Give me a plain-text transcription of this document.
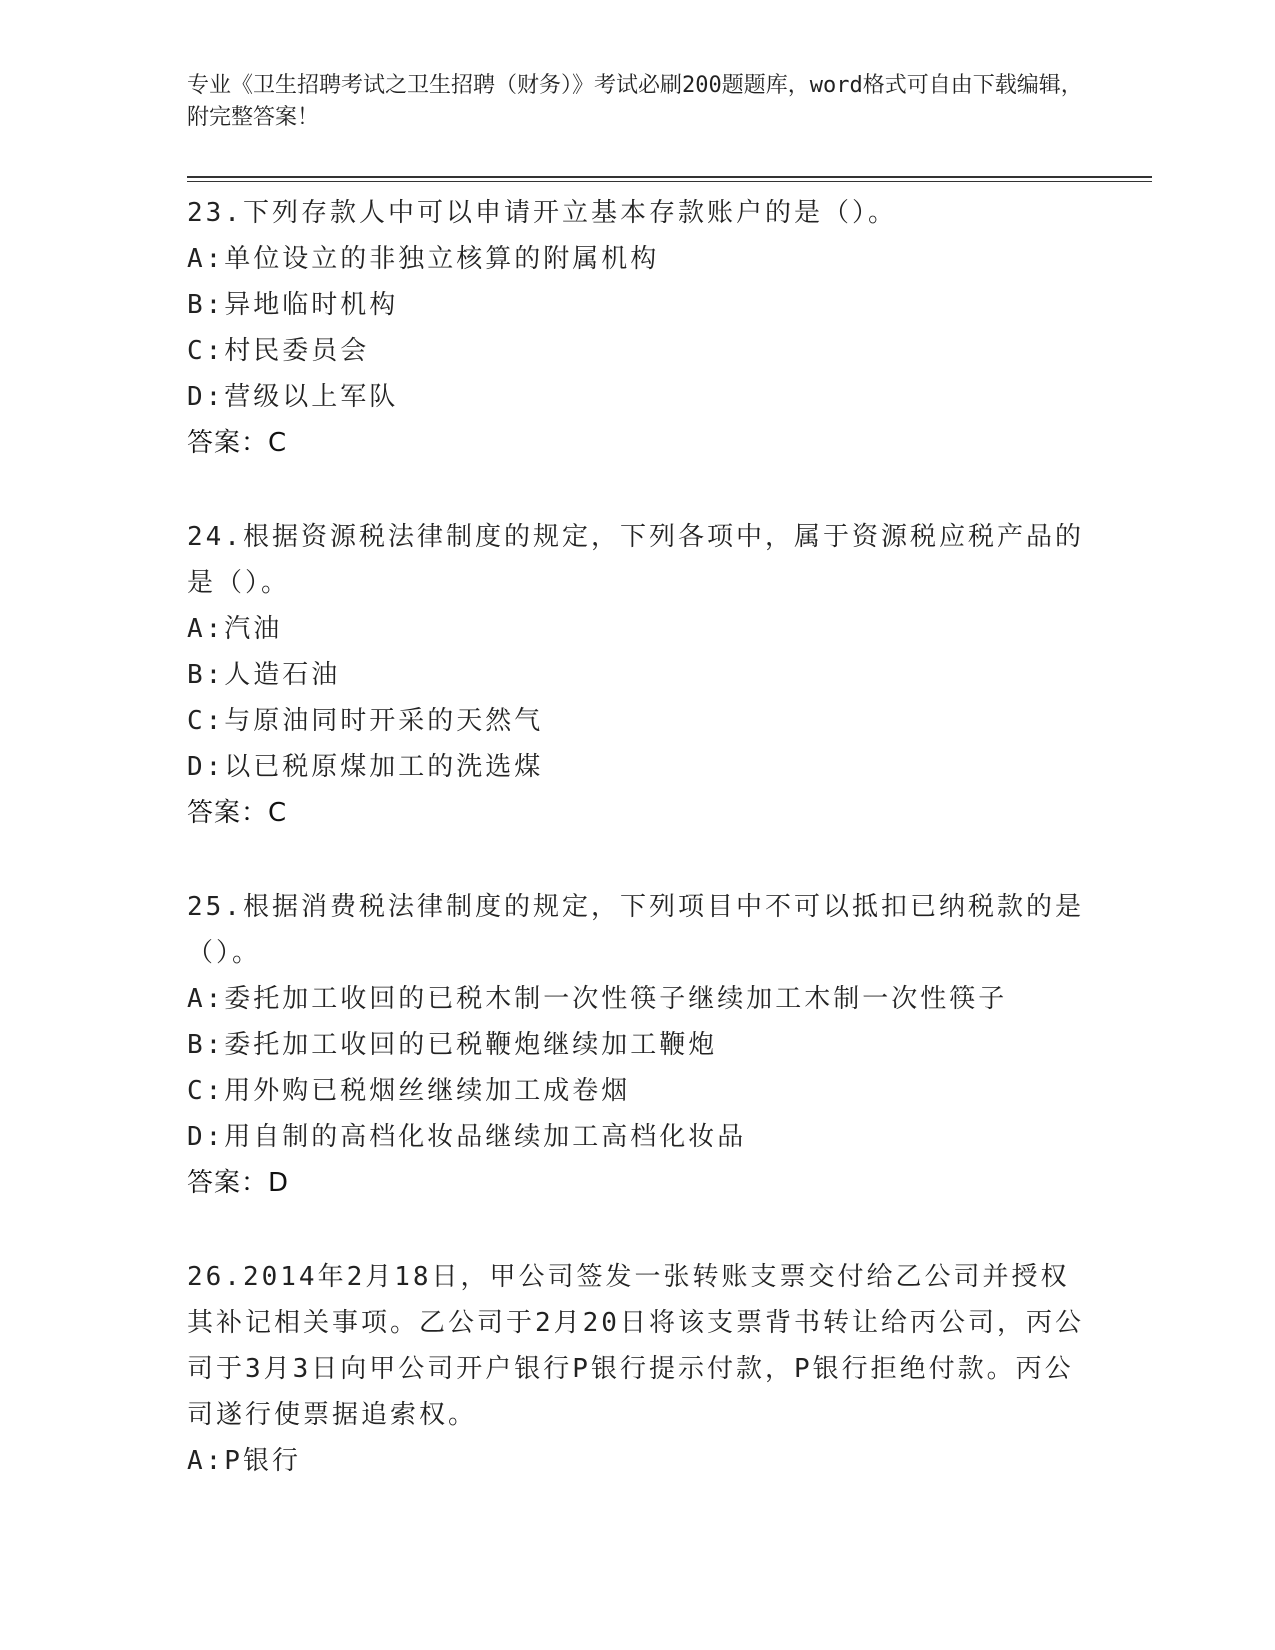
专业《卫生招聘考试之卫生招聘（财务）》考试必刷200题题库，word格式可自由下载编辑，附完整答案！

23.下列存款人中可以申请开立基本存款账户的是（）。

A:单位设立的非独立核算的附属机构

B:异地临时机构

C:村民委员会

D:营级以上军队

答案：C

24.根据资源税法律制度的规定，下列各项中，属于资源税应税产品的是（）。

A:汽油

B:人造石油

C:与原油同时开采的天然气

D:以已税原煤加工的洗选煤

答案：C

25.根据消费税法律制度的规定，下列项目中不可以抵扣已纳税款的是（）。

A:委托加工收回的已税木制一次性筷子继续加工木制一次性筷子

B:委托加工收回的已税鞭炮继续加工鞭炮

C:用外购已税烟丝继续加工成卷烟

D:用自制的高档化妆品继续加工高档化妆品

答案：D

26.2014年2月18日，甲公司签发一张转账支票交付给乙公司并授权其补记相关事项。乙公司于2月20日将该支票背书转让给丙公司，丙公司于3月3日向甲公司开户银行P银行提示付款，P银行拒绝付款。丙公司遂行使票据追索权。

A:P银行
